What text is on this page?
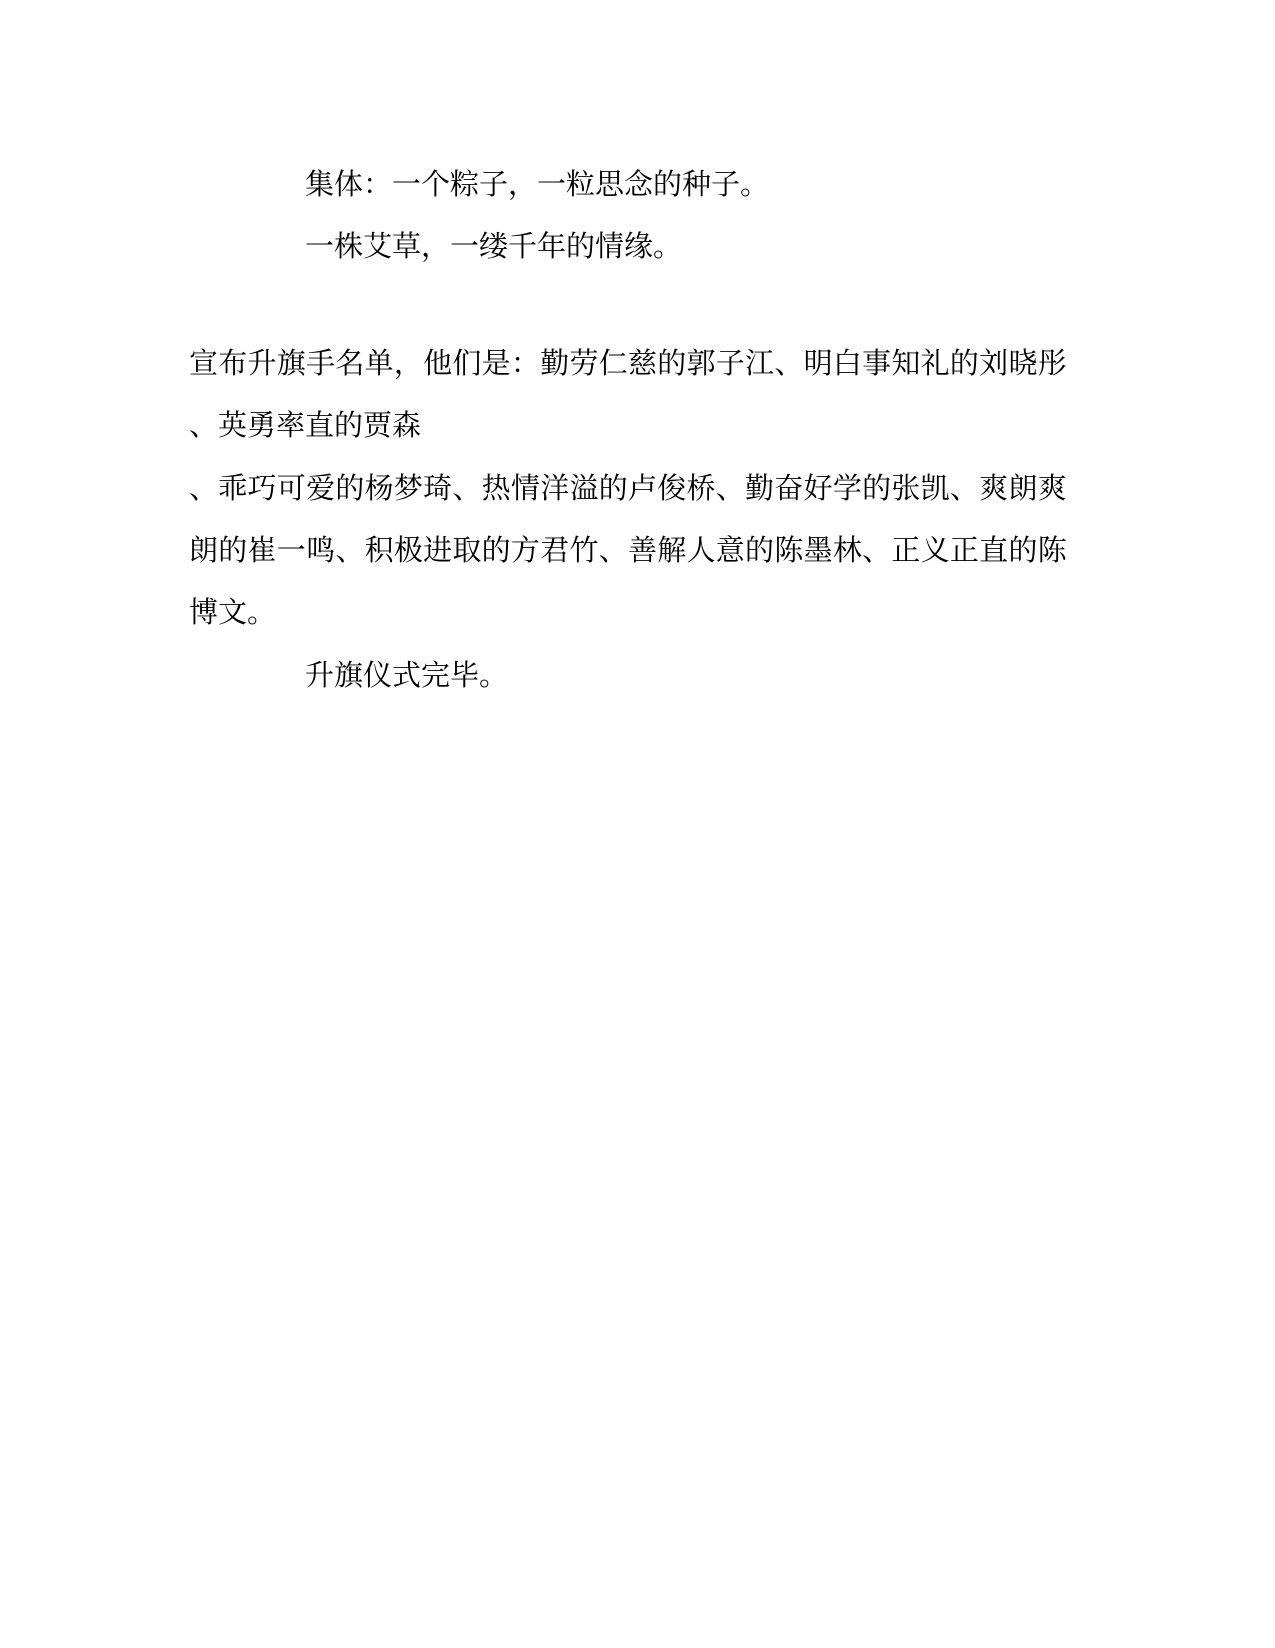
集体：一个粽子，一粒思念的种子。
一株艾草，一缕千年的情缘。
宣 布 升 旗 手 名 单 ， 他 们 是 ： 勤 劳 仁 慈 的 郭 子 江 、 明 白 事 知 礼 的 刘 晓 彤
、英勇率直的贾森
、 乖 巧 可 爱 的 杨 梦 琦 、 热 情 洋 溢 的 卢 俊 桥 、 勤 奋 好 学 的 张 凯 、 爽 朗 爽
朗 的 崔 一 鸣 、 积 极 进 取 的 方 君 竹 、 善 解 人 意 的 陈 墨 林 、 正 义 正 直 的 陈
博文。
升旗仪式完毕。
